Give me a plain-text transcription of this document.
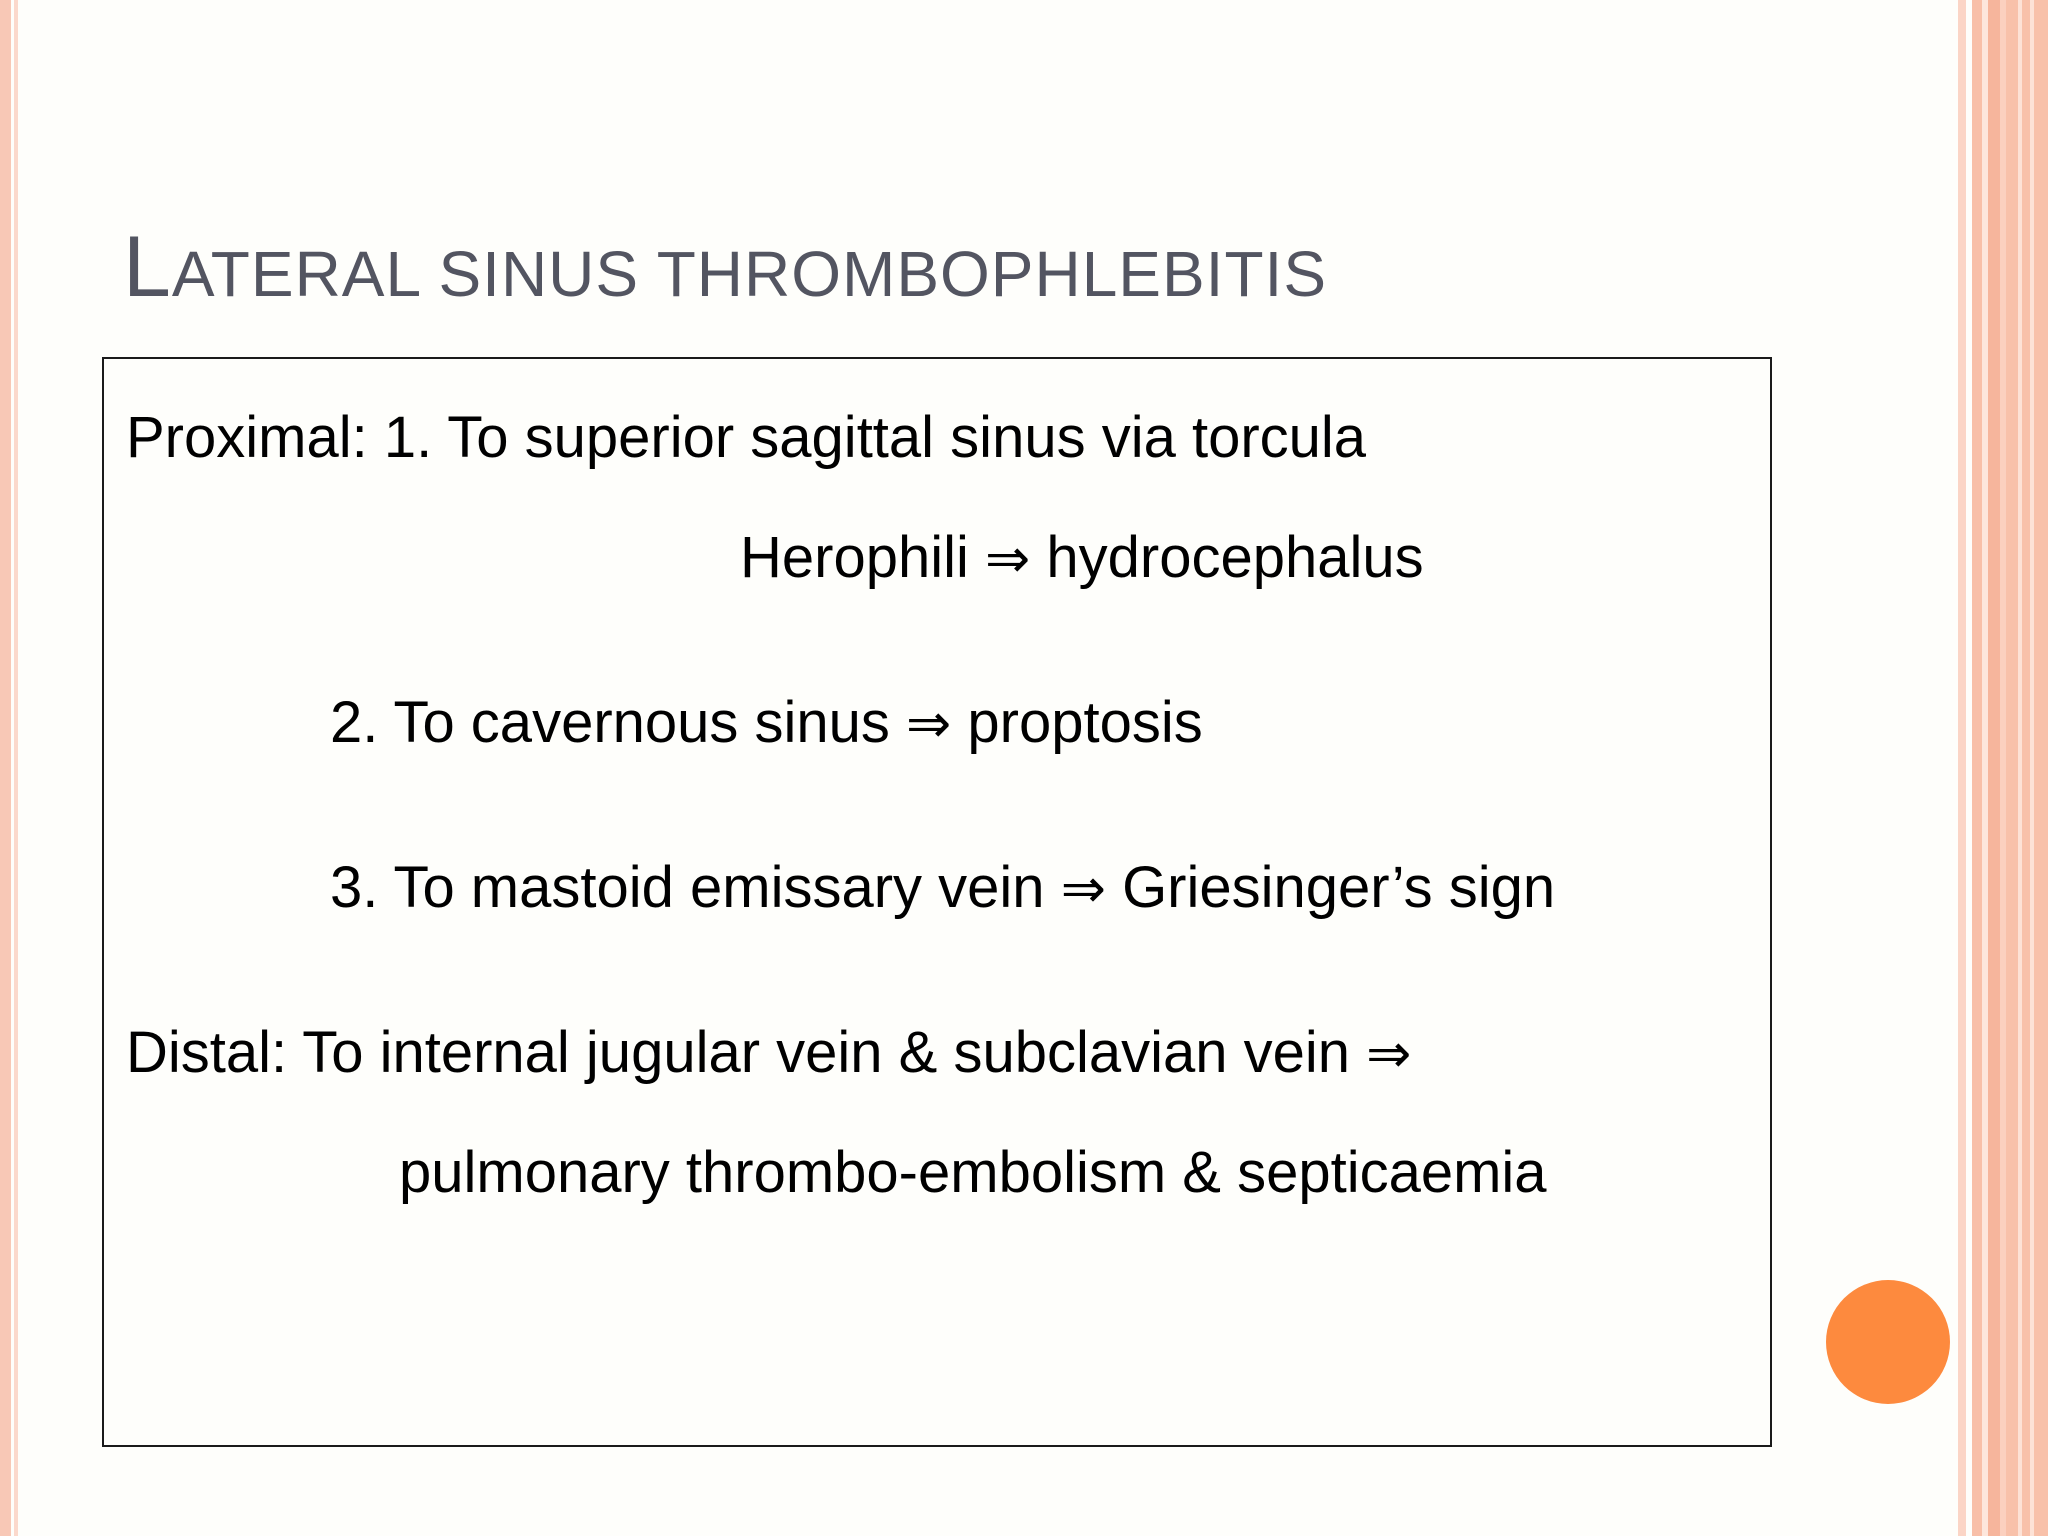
LATERAL SINUS THROMBOPHLEBITIS

Proximal: 1. To superior sagittal sinus via torcula

Herophili ⇒ hydrocephalus

2. To cavernous sinus ⇒ proptosis

3. To mastoid emissary vein ⇒ Griesinger’s sign

Distal: To internal jugular vein & subclavian vein ⇒

pulmonary thrombo-embolism & septicaemia
